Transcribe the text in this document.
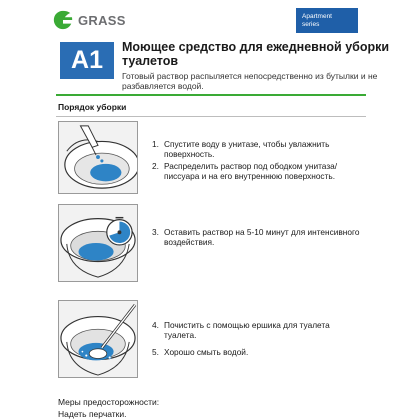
GRASS	Apartment
series
A1	Моющее средство для ежедневной уборки туалетов
Готовый раствор распыляется непосредственно из бутылки и не разбавляется водой.
Порядок уборки
1. Спустите воду в унитазе, чтобы увлажнить поверхность.
2. Распределить раствор под ободком унитаза/писсуара и на его внутреннюю поверхность.
3. Оставить раствор на 5-10 минут для интенсивного воздействия.
4. Почистить с помощью ершика для туалета туалета.
5. Хорошо смыть водой.
Меры предосторожности:
Надеть перчатки.
